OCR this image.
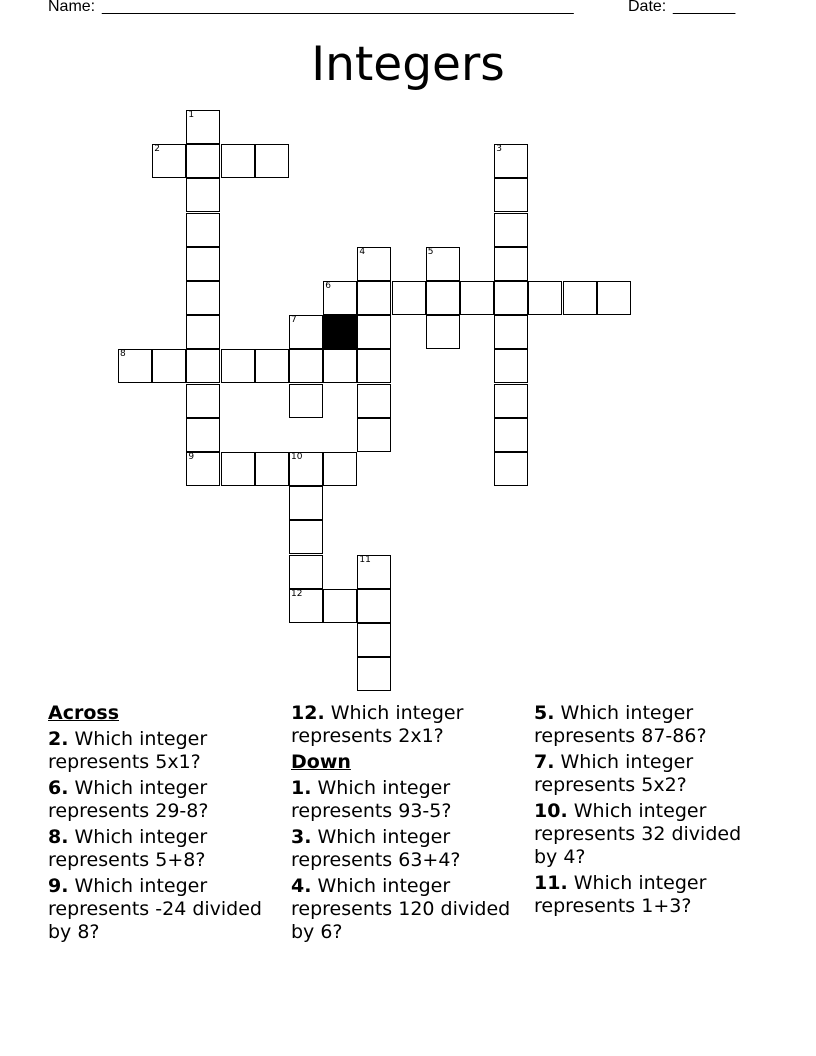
Name: _____________________________________________________	Date: _______
Integers
1
2	3
4	5
6
7
8
9	10
11
12
Across
2. Which integer represents 5x1?
6. Which integer represents 29-8?
8. Which integer represents 5+8?
9. Which integer represents -24 divided by 8?
12. Which integer represents 2x1?
Down
1. Which integer represents 93-5?
3. Which integer represents 63+4?
4. Which integer represents 120 divided by 6?
5. Which integer represents 87-86?
7. Which integer represents 5x2?
10. Which integer represents 32 divided by 4?
11. Which integer represents 1+3?
